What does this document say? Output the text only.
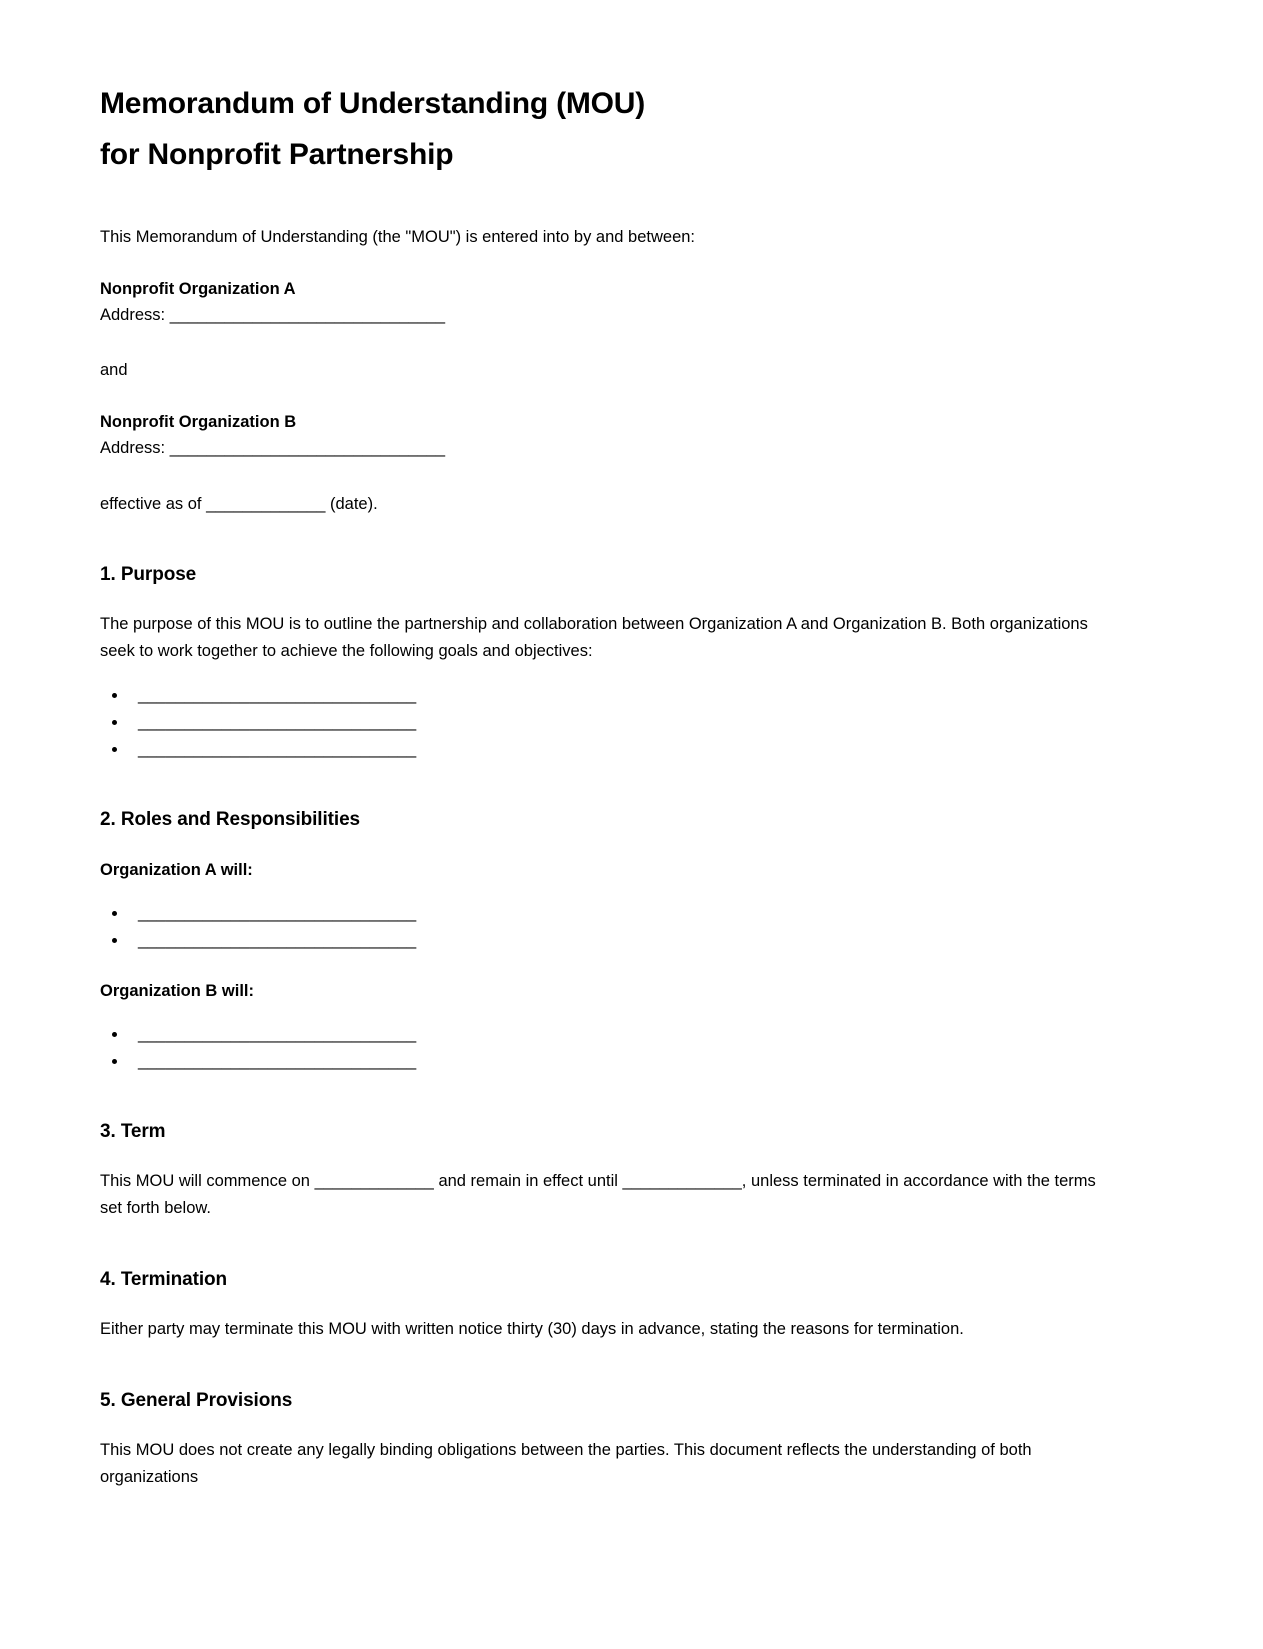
Memorandum of Understanding (MOU)
for Nonprofit Partnership

This Memorandum of Understanding (the "MOU") is entered into by and between:

Nonprofit Organization A

Address: ______________________________

and

Nonprofit Organization B

Address: ______________________________

effective as of _____________ (date).

1. Purpose

The purpose of this MOU is to outline the partnership and collaboration between Organization A and Organization B. Both organizations seek to work together to achieve the following goals and objectives:

• ______________________________
• ______________________________
• ______________________________
2. Roles and Responsibilities

Organization A will:

• ______________________________
• ______________________________

Organization B will:

• ______________________________
• ______________________________
3. Term

This MOU will commence on _____________ and remain in effect until _____________, unless terminated in accordance with the terms set forth below.

4. Termination

Either party may terminate this MOU with written notice thirty (30) days in advance, stating the reasons for termination.

5. General Provisions

This MOU does not create any legally binding obligations between the parties. This document reflects the understanding of both organizations
